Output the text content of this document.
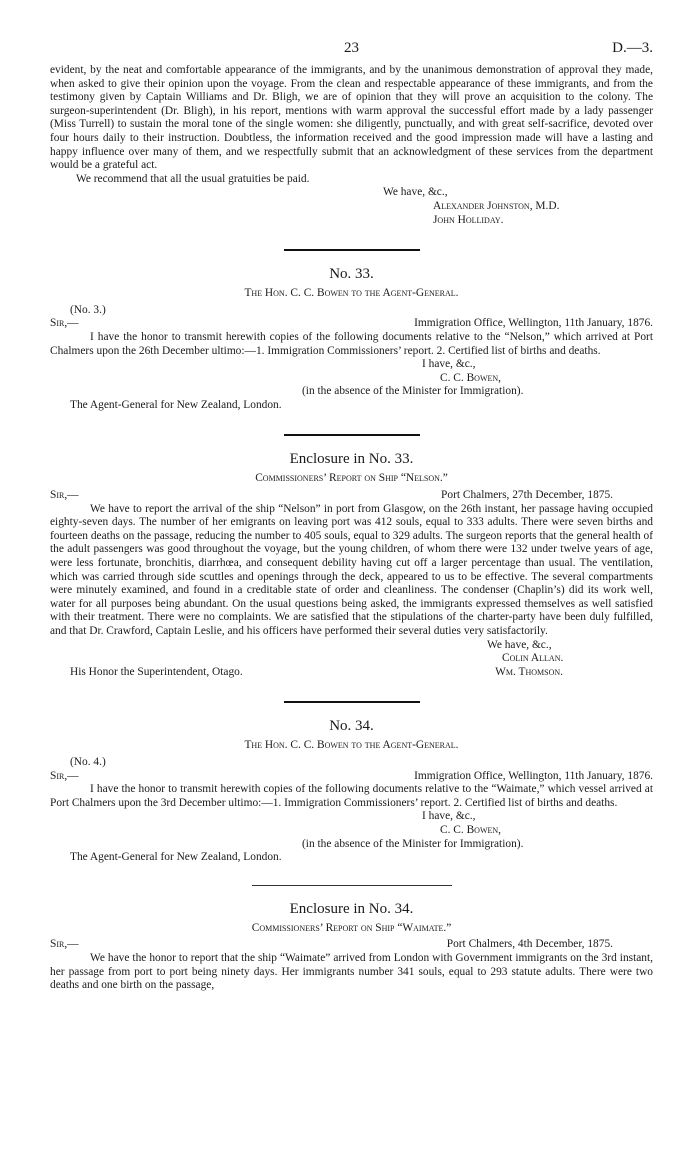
23	D.—3.

evident, by the neat and comfortable appearance of the immigrants, and by the unanimous demonstration of approval they made, when asked to give their opinion upon the voyage. From the clean and respectable appearance of these immigrants, and from the testimony given by Captain Williams and Dr. Bligh, we are of opinion that they will prove an acquisition to the colony. The surgeon-superintendent (Dr. Bligh), in his report, mentions with warm approval the successful effort made by a lady passenger (Miss Turrell) to sustain the moral tone of the single women: she diligently, punctually, and with great self-sacrifice, devoted over four hours daily to their instruction. Doubtless, the information received and the good impression made will have a lasting and happy influence over many of them, and we respectfully submit that an acknowledgment of these services from the department would be a grateful act.

We recommend that all the usual gratuities be paid.

We have, &c.,
Alexander Johnston, M.D.
John Holliday.
No. 33.
The Hon. C. C. Bowen to the Agent-General.
(No. 3.)
Sir,—	Immigration Office, Wellington, 11th January, 1876.

I have the honor to transmit herewith copies of the following documents relative to the “Nelson,” which arrived at Port Chalmers upon the 26th December ultimo:—1. Immigration Commissioners’ report. 2. Certified list of births and deaths.

I have, &c.,
C. C. Bowen,
(in the absence of the Minister for Immigration).
The Agent-General for New Zealand, London.
Enclosure in No. 33.
Commissioners’ Report on Ship “Nelson.”
Sir,—	Port Chalmers, 27th December, 1875.

We have to report the arrival of the ship “Nelson” in port from Glasgow, on the 26th instant, her passage having occupied eighty-seven days. The number of her emigrants on leaving port was 412 souls, equal to 333 adults. There were seven births and fourteen deaths on the passage, reducing the number to 405 souls, equal to 329 adults. The surgeon reports that the general health of the adult passengers was good throughout the voyage, but the young children, of whom there were 132 under twelve years of age, were less fortunate, bronchitis, diarrhœa, and consequent debility having cut off a larger percentage than usual. The ventilation, which was carried through side scuttles and openings through the deck, appeared to us to be effective. The several compartments were minutely examined, and found in a creditable state of order and cleanliness. The condenser (Chaplin’s) did its work well, water for all purposes being abundant. On the usual questions being asked, the immigrants expressed themselves as well satisfied with their treatment. There were no complaints. We are satisfied that the stipulations of the charter-party have been duly fulfilled, and that Dr. Crawford, Captain Leslie, and his officers have performed their several duties very satisfactorily.

We have, &c.,
Colin Allan.
His Honor the Superintendent, Otago.	Wm. Thomson.
No. 34.
The Hon. C. C. Bowen to the Agent-General.
(No. 4.)
Sir,—	Immigration Office, Wellington, 11th January, 1876.

I have the honor to transmit herewith copies of the following documents relative to the “Waimate,” which vessel arrived at Port Chalmers upon the 3rd December ultimo:—1. Immigration Commissioners’ report. 2. Certified list of births and deaths.

I have, &c.,
C. C. Bowen,
(in the absence of the Minister for Immigration).
The Agent-General for New Zealand, London.
Enclosure in No. 34.
Commissioners’ Report on Ship “Waimate.”
Sir,—	Port Chalmers, 4th December, 1875.

We have the honor to report that the ship “Waimate” arrived from London with Government immigrants on the 3rd instant, her passage from port to port being ninety days. Her immigrants number 341 souls, equal to 293 statute adults. There were two deaths and one birth on the passage,
